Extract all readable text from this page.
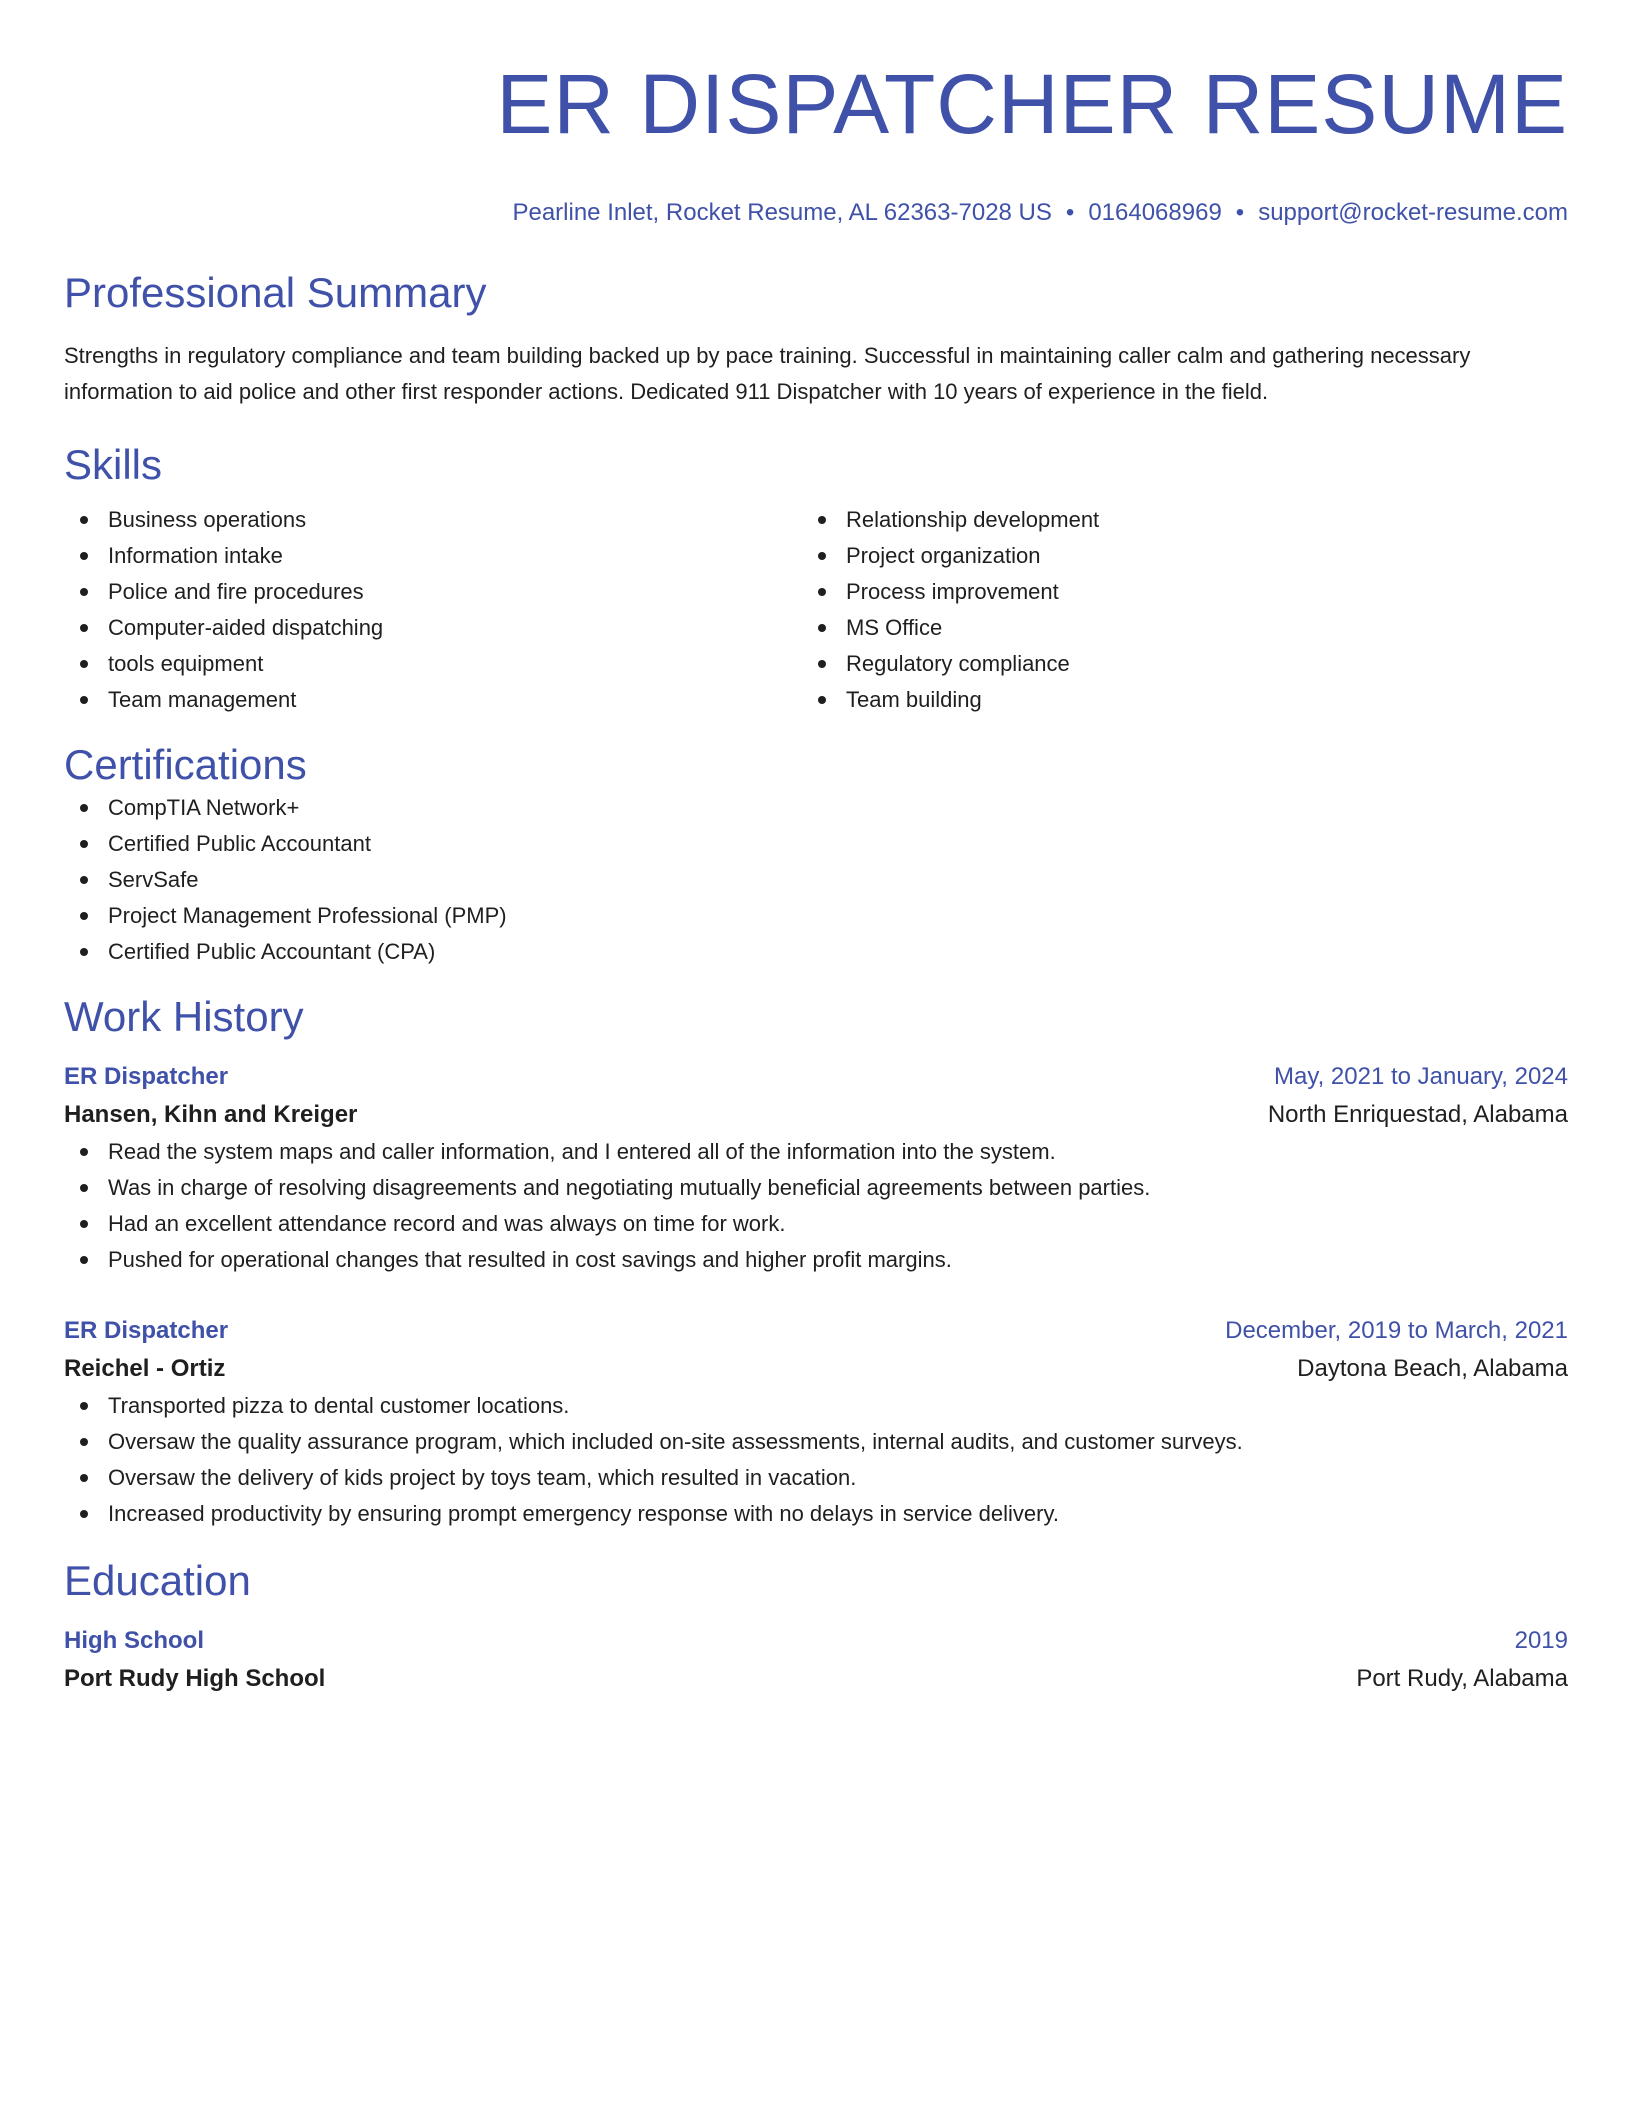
ER DISPATCHER RESUME
Pearline Inlet, Rocket Resume, AL 62363-7028 US • 0164068969 • support@rocket-resume.com
Professional Summary
Strengths in regulatory compliance and team building backed up by pace training. Successful in maintaining caller calm and gathering necessary information to aid police and other first responder actions. Dedicated 911 Dispatcher with 10 years of experience in the field.
Skills
Business operations
Information intake
Police and fire procedures
Computer-aided dispatching
tools equipment
Team management
Relationship development
Project organization
Process improvement
MS Office
Regulatory compliance
Team building
Certifications
CompTIA Network+
Certified Public Accountant
ServSafe
Project Management Professional (PMP)
Certified Public Accountant (CPA)
Work History
ER Dispatcher	May, 2021 to January, 2024
Hansen, Kihn and Kreiger	North Enriquestad, Alabama
Read the system maps and caller information, and I entered all of the information into the system.
Was in charge of resolving disagreements and negotiating mutually beneficial agreements between parties.
Had an excellent attendance record and was always on time for work.
Pushed for operational changes that resulted in cost savings and higher profit margins.
ER Dispatcher	December, 2019 to March, 2021
Reichel - Ortiz	Daytona Beach, Alabama
Transported pizza to dental customer locations.
Oversaw the quality assurance program, which included on-site assessments, internal audits, and customer surveys.
Oversaw the delivery of kids project by toys team, which resulted in vacation.
Increased productivity by ensuring prompt emergency response with no delays in service delivery.
Education
High School	2019
Port Rudy High School	Port Rudy, Alabama
